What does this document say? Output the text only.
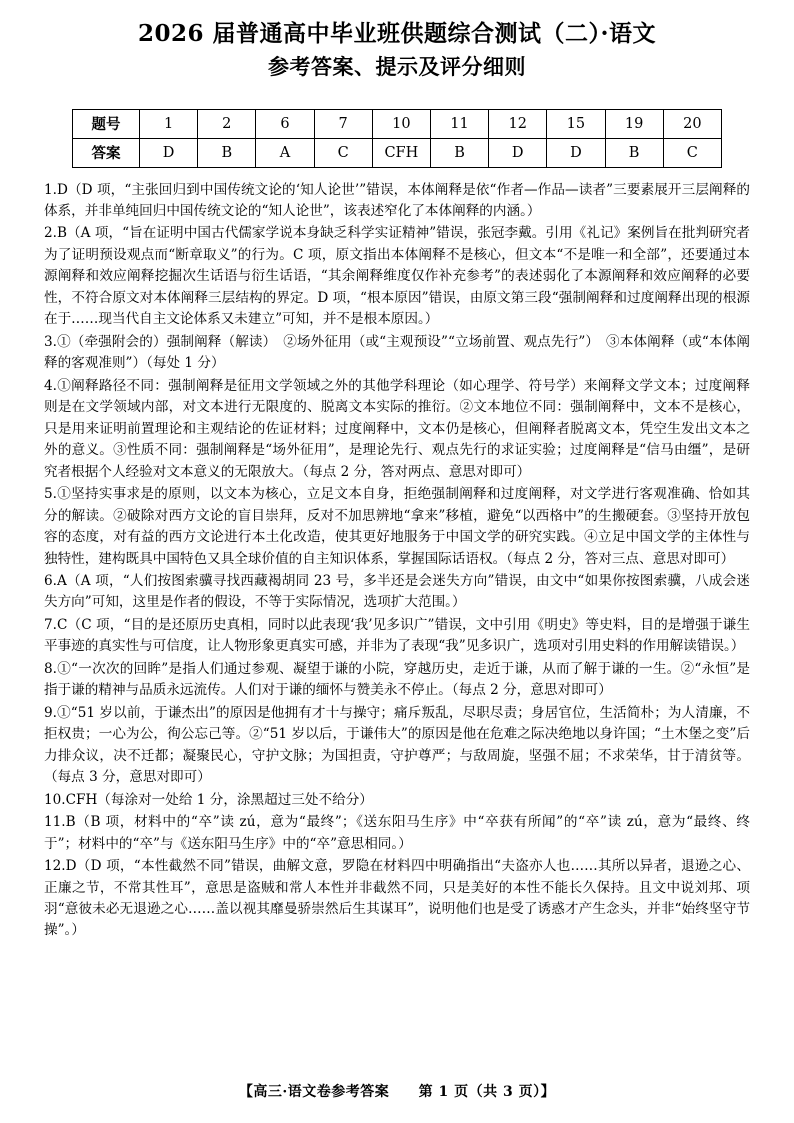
2026 届普通高中毕业班供题综合测试（二）·语文
参考答案、提示及评分细则
题号	1	2	6	7	10	11	12	15	19	20
答案	D	B	A	C	CFH	B	D	D	B	C

1.D（D 项，“主张回归到中国传统文论的‘知人论世’”错误，本体阐释是依“作者—作品—读者”三要素展开三层阐释的体系，并非单纯回归中国传统文论的“知人论世”，该表述窄化了本体阐释的内涵。）

2.B（A 项，“旨在证明中国古代儒家学说本身缺乏科学实证精神”错误，张冠李戴。引用《礼记》案例旨在批判研究者为了证明预设观点而“断章取义”的行为。C 项，原文指出本体阐释不是核心，但文本“不是唯一和全部”，还要通过本源阐释和效应阐释挖掘次生话语与衍生话语，“其余阐释维度仅作补充参考”的表述弱化了本源阐释和效应阐释的必要性，不符合原文对本体阐释三层结构的界定。D 项，“根本原因”错误，由原文第三段“强制阐释和过度阐释出现的根源在于……现当代自主文论体系又未建立”可知，并不是根本原因。）

3.①（牵强附会的）强制阐释（解读）　②场外征用（或“主观预设”“立场前置、观点先行”）　③本体阐释（或“本体阐释的客观准则”）（每处 1 分）

4.①阐释路径不同：强制阐释是征用文学领域之外的其他学科理论（如心理学、符号学）来阐释文学文本；过度阐释则是在文学领域内部，对文本进行无限度的、脱离文本实际的推衍。②文本地位不同：强制阐释中，文本不是核心，只是用来证明前置理论和主观结论的佐证材料；过度阐释中，文本仍是核心，但阐释者脱离文本，凭空生发出文本之外的意义。③性质不同：强制阐释是“场外征用”，是理论先行、观点先行的求证实验；过度阐释是“信马由缰”，是研究者根据个人经验对文本意义的无限放大。（每点 2 分，答对两点、意思对即可）

5.①坚持实事求是的原则，以文本为核心，立足文本自身，拒绝强制阐释和过度阐释，对文学进行客观准确、恰如其分的解读。②破除对西方文论的盲目崇拜，反对不加思辨地“拿来”移植，避免“以西格中”的生搬硬套。③坚持开放包容的态度，对有益的西方文论进行本土化改造，使其更好地服务于中国文学的研究实践。④立足中国文学的主体性与独特性，建构既具中国特色又具全球价值的自主知识体系，掌握国际话语权。（每点 2 分，答对三点、意思对即可）

6.A（A 项，“人们按图索骥寻找西藏褐胡同 23 号，多半还是会迷失方向”错误，由文中“如果你按图索骥，八成会迷失方向”可知，这里是作者的假设，不等于实际情况，选项扩大范围。）

7.C（C 项，“目的是还原历史真相，同时以此表现‘我’见多识广”错误，文中引用《明史》等史料，目的是增强于谦生平事迹的真实性与可信度，让人物形象更真实可感，并非为了表现“我”见多识广，选项对引用史料的作用解读错误。）

8.①“一次次的回眸”是指人们通过参观、凝望于谦的小院，穿越历史，走近于谦，从而了解于谦的一生。②“永恒”是指于谦的精神与品质永远流传。人们对于谦的缅怀与赞美永不停止。（每点 2 分，意思对即可）

9.①“51 岁以前，于谦杰出”的原因是他拥有才十与操守；痛斥叛乱，尽职尽责；身居官位，生活简朴；为人清廉，不拒权贵；一心为公，徇公忘己等。②“51 岁以后，于谦伟大”的原因是他在危难之际决绝地以身许国；“土木堡之变”后力排众议，决不迁都；凝聚民心，守护文脉；为国担责，守护尊严；与敌周旋，坚强不屈；不求荣华，甘于清贫等。（每点 3 分，意思对即可）

10.CFH（每涂对一处给 1 分，涂黑超过三处不给分）

11.B（B 项，材料中的“卒”读 zú，意为“最终”；《送东阳马生序》中“卒获有所闻”的“卒”读 zú，意为“最终、终于”；材料中的“卒”与《送东阳马生序》中的“卒”意思相同。）

12.D（D 项，“本性截然不同”错误，曲解文意，罗隐在材料四中明确指出“夫盗亦人也……其所以异者，退逊之心、正廉之节，不常其性耳”，意思是盗贼和常人本性并非截然不同，只是美好的本性不能长久保持。且文中说刘邦、项羽“意彼未必无退逊之心……盖以视其靡曼骄崇然后生其谋耳”，说明他们也是受了诱惑才产生念头，并非“始终坚守节操”。）

【高三·语文卷参考答案 第 1 页（共 3 页）】
